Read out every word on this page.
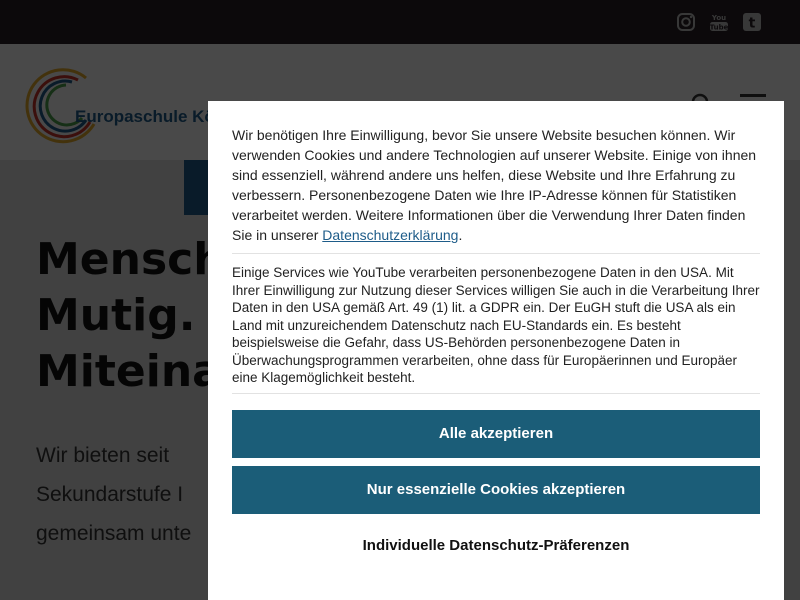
Wir benötigen Ihre Einwilligung, bevor Sie unsere Website besuchen können. Wir verwenden Cookies und andere Technologien auf unserer Website. Einige von ihnen sind essenziell, während andere uns helfen, diese Website und Ihre Erfahrung zu verbessern. Personenbezogene Daten wie Ihre IP-Adresse können für Statistiken verarbeitet werden. Weitere Informationen über die Verwendung Ihrer Daten finden Sie in unserer Datenschutzerklärung.

Einige Services wie YouTube verarbeiten personenbezogene Daten in den USA. Mit Ihrer Einwilligung zur Nutzung dieser Services willigen Sie auch in die Verarbeitung Ihrer Daten in den USA gemäß Art. 49 (1) lit. a GDPR ein. Der EuGH stuft die USA als ein Land mit unzureichendem Datenschutz nach EU-Standards ein. Es besteht beispielsweise die Gefahr, dass US-Behörden personenbezogene Daten in Überwachungsprogrammen verarbeiten, ohne dass für Europäerinnen und Europäer eine Klagemöglichkeit besteht.

Alle akzeptieren
Nur essenzielle Cookies akzeptieren
Individuelle Datenschutz-Präferenzen
